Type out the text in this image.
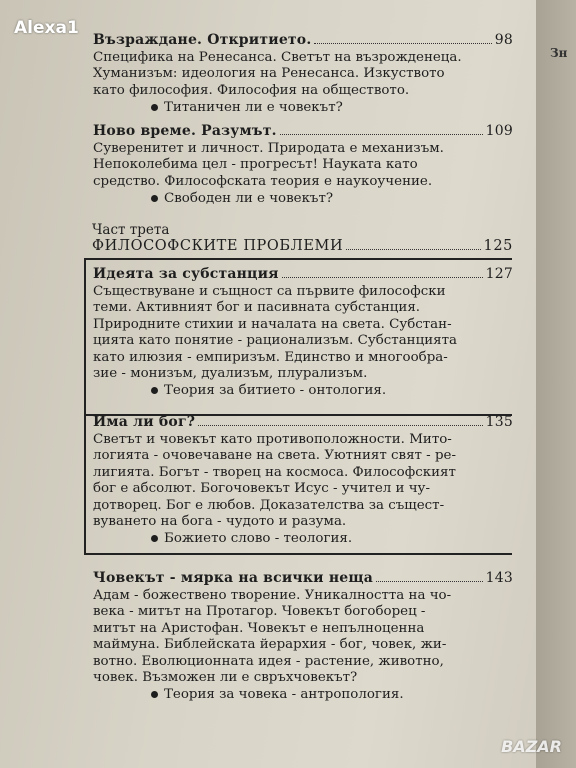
Зн
Alexa1
Възраждане. Откритието.	98
Специфика на Ренесанса. Светът на възрожденеца.
Хуманизъм: идеология на Ренесанса. Изкуството
като философия. Философия на обществото.
Титаничен ли е човекът?
Ново време. Разумът.	109
Суверенитет и личност. Природата е механизъм.
Непоколебима цел - прогресът! Науката като
средство. Философската теория е наукоучение.
Свободен ли е човекът?
Част трета
ФИЛОСОФСКИТЕ ПРОБЛЕМИ	125
Идеята за субстанция	127
Съществуване и същност са първите философски
теми. Активният бог и пасивната субстанция.
Природните стихии и началата на света. Субстан-
цията като понятие - рационализъм. Субстанцията
като илюзия - емпиризъм. Единство и многообра-
зие - монизъм, дуализъм, плурализъм.
Теория за битието - онтология.
Има ли бог?	135
Светът и човекът като противоположности. Мито-
логията - очовечаване на света. Уютният свят - ре-
лигията. Богът - творец на космоса. Философският
бог е абсолют. Богочовекът Исус - учител и чу-
дотворец. Бог е любов. Доказателства за същест-
вуването на бога - чудото и разума.
Божието слово - теология.
Човекът - мярка на всички неща	143
Адам - божествено творение. Уникалността на чо-
века - митът на Протагор. Човекът богоборец -
митът на Аристофан. Човекът е непълноценна
маймуна. Библейската йерархия - бог, човек, жи-
вотно. Еволюционната идея - растение, животно,
човек. Възможен ли е свръхчовекът?
Теория за човека - антропология.
BAZAR
